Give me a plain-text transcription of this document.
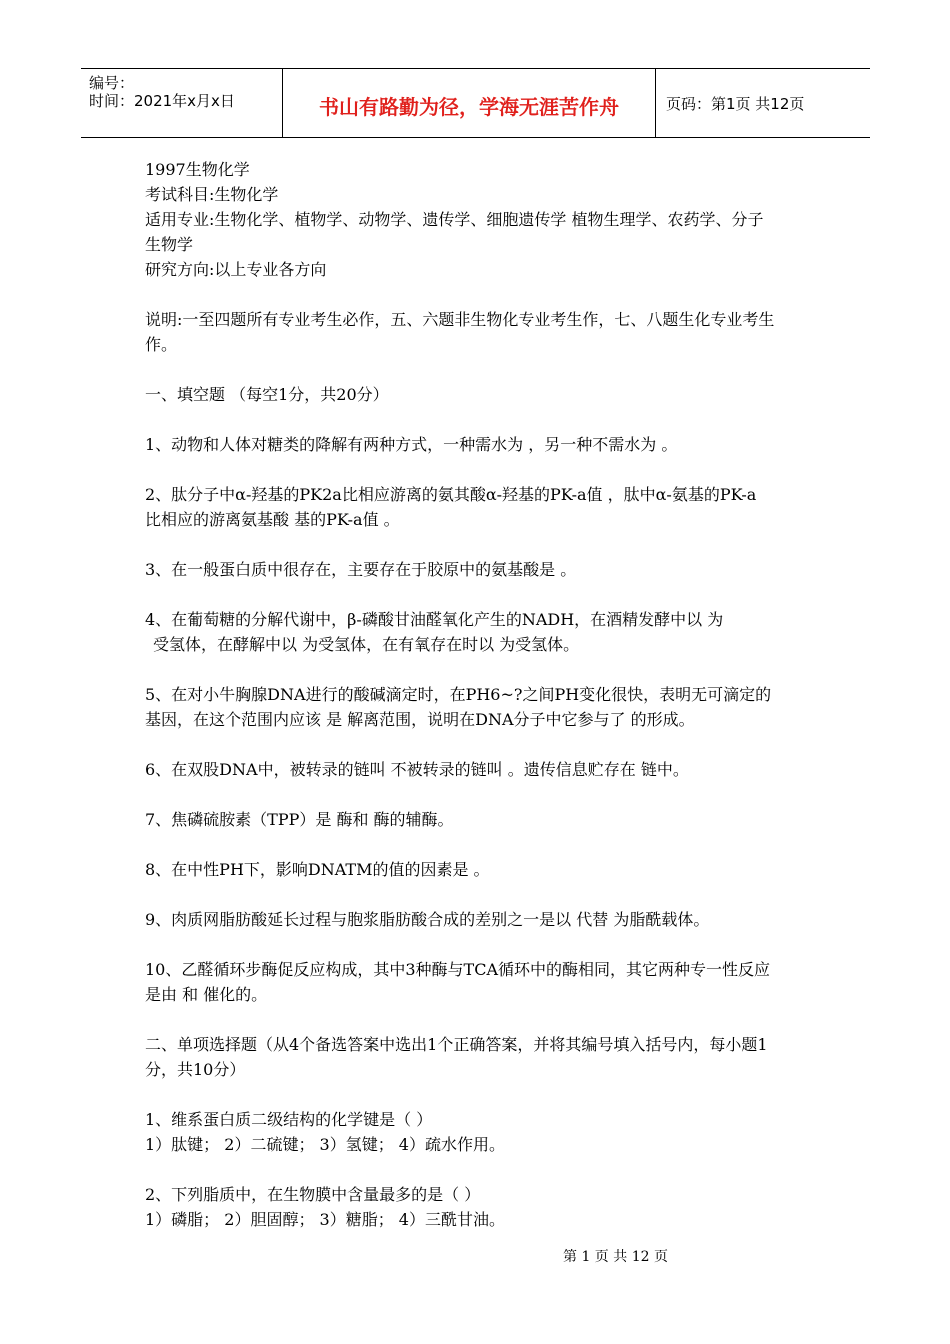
编号：
时间：2021年x月x日	书山有路勤为径，学海无涯苦作舟	页码：第1页 共12页
1997生物化学
考试科目:生物化学
适用专业:生物化学、植物学、动物学、遗传学、细胞遗传学 植物生理学、农药学、分子
生物学
研究方向:以上专业各方向
说明:一至四题所有专业考生必作，五、六题非生物化专业考生作，七、八题生化专业考生
作。
一、填空题 （每空1分，共20分）
1、动物和人体对糖类的降解有两种方式，一种需水为 ，另一种不需水为 。
2、肽分子中α-羟基的PK2a比相应游离的氨其酸α-羟基的PK-a值 ，肽中α-氨基的PK-a
比相应的游离氨基酸 基的PK-a值 。
3、在一般蛋白质中很存在，主要存在于胶原中的氨基酸是 。
4、在葡萄糖的分解代谢中，β-磷酸甘油醛氧化产生的NADH，在酒精发酵中以 为
受氢体，在酵解中以 为受氢体，在有氧存在时以 为受氢体。
5、在对小牛胸腺DNA进行的酸碱滴定时，在PH6~?之间PH变化很快，表明无可滴定的
基因，在这个范围内应该 是 解离范围，说明在DNA分子中它参与了 的形成。
6、在双股DNA中，被转录的链叫 不被转录的链叫 。遗传信息贮存在 链中。
7、焦磷硫胺素（TPP）是 酶和 酶的辅酶。
8、在中性PH下，影响DNATM的值的因素是 。
9、肉质网脂肪酸延长过程与胞浆脂肪酸合成的差别之一是以 代替 为脂酰载体。
10、乙醛循环步酶促反应构成，其中3种酶与TCA循环中的酶相同，其它两种专一性反应
是由 和 催化的。
二、单项选择题（从4个备选答案中选出1个正确答案，并将其编号填入括号内，每小题1
分，共10分）
1、维系蛋白质二级结构的化学键是（ ）
1）肽键； 2）二硫键； 3）氢键； 4）疏水作用。
2、下列脂质中，在生物膜中含量最多的是（ ）
1）磷脂； 2）胆固醇； 3）糖脂； 4）三酰甘油。
第 1 页 共 12 页
